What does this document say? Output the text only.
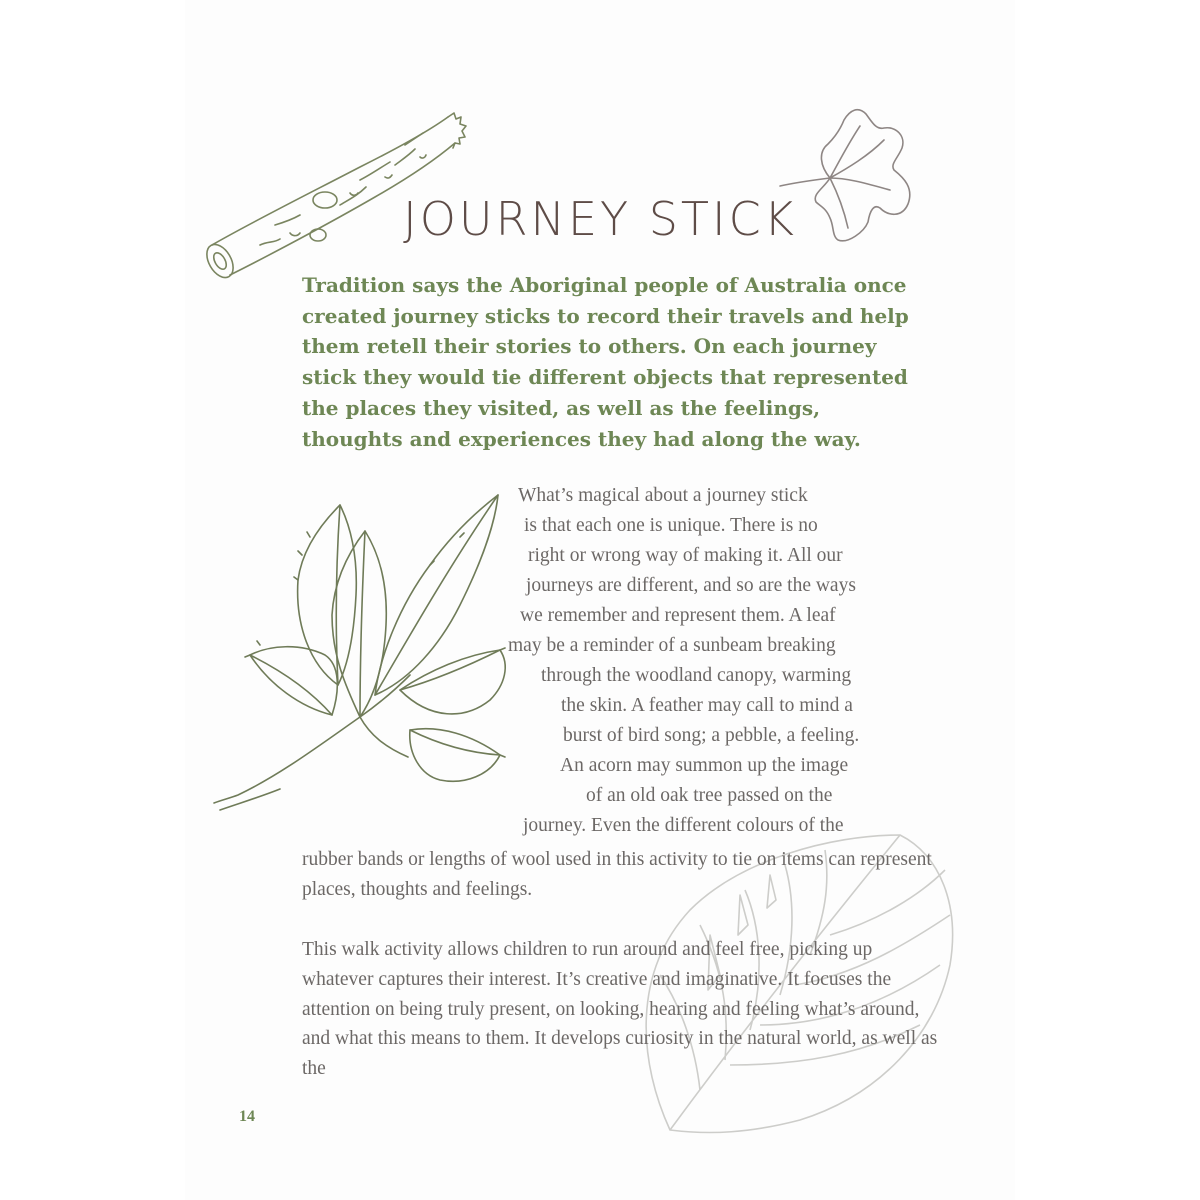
JOURNEY STICK

Tradition says the Aboriginal people of Australia once created journey sticks to record their travels and help them retell their stories to others. On each journey stick they would tie different objects that represented the places they visited, as well as the feelings, thoughts and experiences they had along the way.

What’s magical about a journey stick
is that each one is unique. There is no
right or wrong way of making it. All our
journeys are different, and so are the ways
we remember and represent them. A leaf
may be a reminder of a sunbeam breaking
through the woodland canopy, warming
the skin. A feather may call to mind a
burst of bird song; a pebble, a feeling.
An acorn may summon up the image
of an old oak tree passed on the
journey. Even the different colours of the

rubber bands or lengths of wool used in this activity to tie on items can represent places, thoughts and feelings.

This walk activity allows children to run around and feel free, picking up whatever captures their interest. It’s creative and imaginative. It focuses the attention on being truly present, on looking, hearing and feeling what’s around, and what this means to them. It develops curiosity in the natural world, as well as the

14
